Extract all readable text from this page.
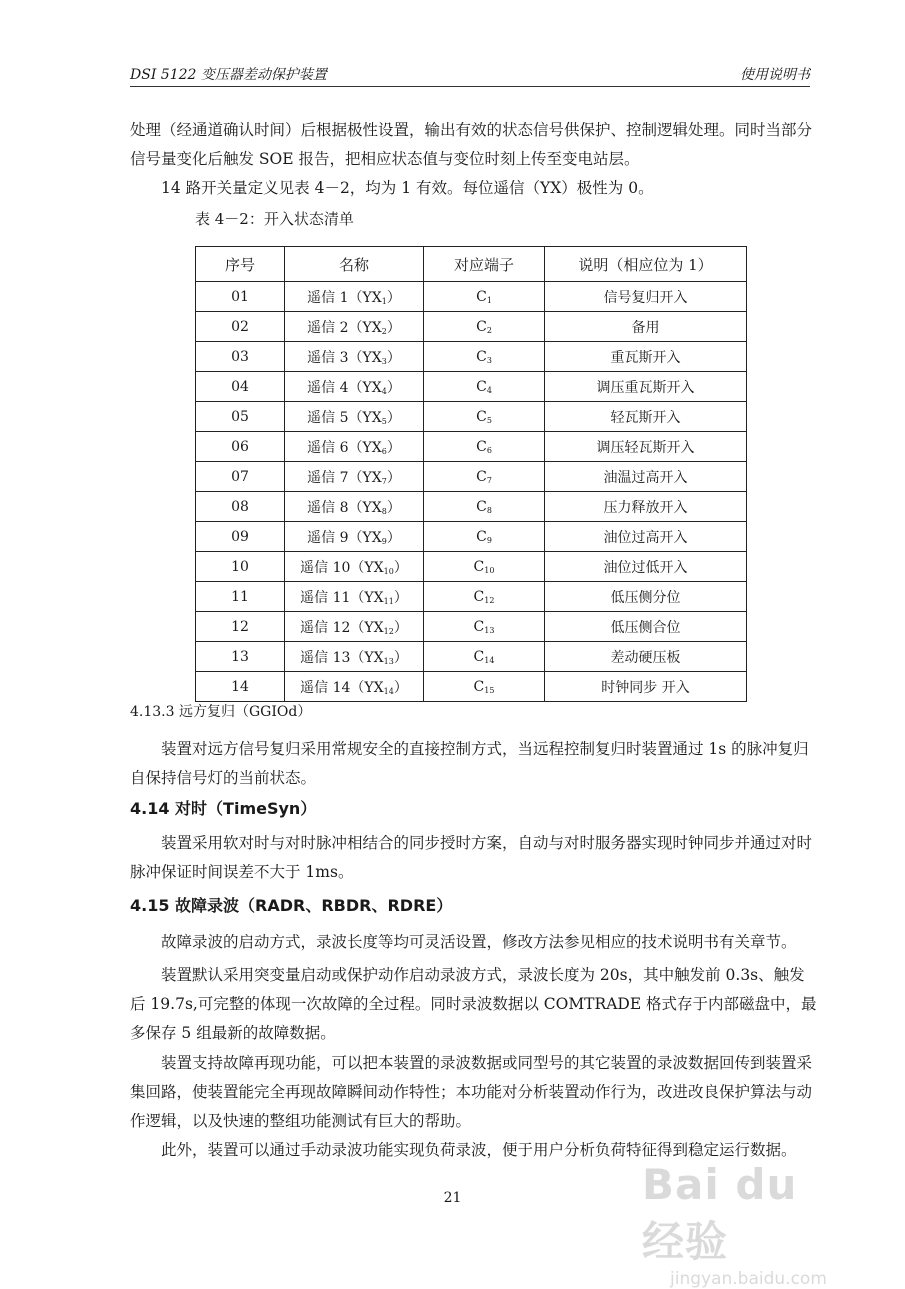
DSI 5122 变压器差动保护装置	使用说明书
处理（经通道确认时间）后根据极性设置，输出有效的状态信号供保护、控制逻辑处理。同时当部分信号量变化后触发 SOE 报告，把相应状态值与变位时刻上传至变电站层。
14 路开关量定义见表 4－2，均为 1 有效。每位遥信（YX）极性为 0。
表 4－2：开入状态清单
序号	名称	对应端子	说明（相应位为 1）
01	遥信 $1(YX_1)$	$C_1$	信号复归开入
02	遥信 $2(YX_2)$	$C_2$	备用
03	遥信 $3(YX_3)$	$C_3$	重瓦斯开入
04	遥信 $4(YX_4)$	$C_4$	调压重瓦斯开入
05	遥信 $5(YX_5)$	$C_5$	轻瓦斯开入
06	遥信 $6(YX_6)$	$C_6$	调压轻瓦斯开入
07	遥信 $7(YX_7)$	$C_7$	油温过高开入
08	遥信 $8(YX_8)$	$C_8$	压力释放开入
09	遥信 $9(YX_9)$	$C_9$	油位过高开入
10	遥信 $10(YX_{10})$	$C_{10}$	油位过低开入
11	遥信 $11(YX_{11})$	$C_{12}$	低压侧分位
12	遥信 $12(YX_{12})$	$C_{13}$	低压侧合位
13	遥信 $13(YX_{13})$	$C_{14}$	差动硬压板
14	遥信 $14(YX_{14})$	$C_{15}$	时钟同步 开入
4.13.3 远方复归（GGIOd）
装置对远方信号复归采用常规安全的直接控制方式，当远程控制复归时装置通过 1s 的脉冲复归自保持信号灯的当前状态。
4.14 对时（TimeSyn）
装置采用软对时与对时脉冲相结合的同步授时方案，自动与对时服务器实现时钟同步并通过对时脉冲保证时间误差不大于 1ms。
4.15 故障录波（RADR、RBDR、RDRE）
故障录波的启动方式，录波长度等均可灵活设置，修改方法参见相应的技术说明书有关章节。
装置默认采用突变量启动或保护动作启动录波方式，录波长度为 20s，其中触发前 0.3s、触发后 19.7s,可完整的体现一次故障的全过程。同时录波数据以 COMTRADE 格式存于内部磁盘中，最多保存 5 组最新的故障数据。
装置支持故障再现功能，可以把本装置的录波数据或同型号的其它装置的录波数据回传到装置采集回路，使装置能完全再现故障瞬间动作特性；本功能对分析装置动作行为，改进改良保护算法与动作逻辑，以及快速的整组功能测试有巨大的帮助。
此外，装置可以通过手动录波功能实现负荷录波，便于用户分析负荷特征得到稳定运行数据。
21	Bai du 经验
jingyan.baidu.com
